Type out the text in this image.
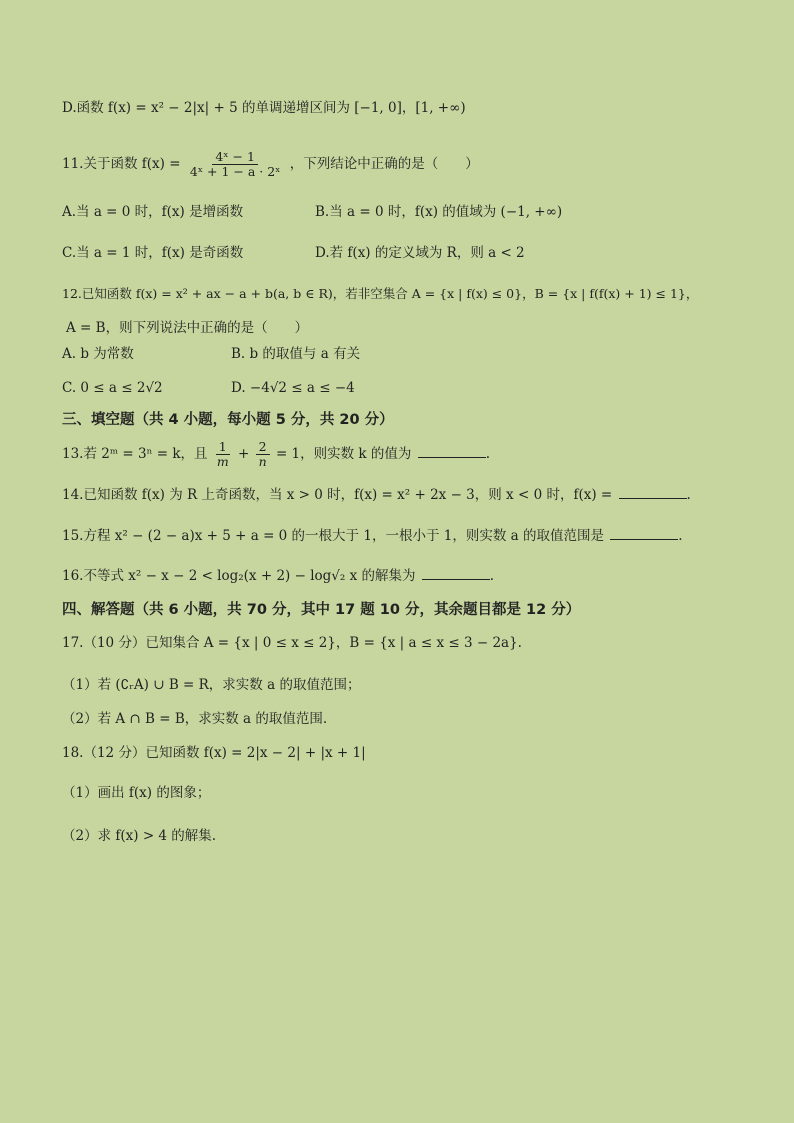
D.函数 f(x) = x² − 2|x| + 5 的单调递增区间为 [−1, 0]，[1, +∞)
11.关于函数 $f(x) = \frac{\text{4ˣ − 1}}{\text{4ˣ + 1 − a · 2ˣ}}$ ，下列结论中正确的是（　　）
A.当 a = 0 时，f(x) 是增函数	B.当 a = 0 时，f(x) 的值域为 (−1, +∞)
C.当 a = 1 时，f(x) 是奇函数	D.若 f(x) 的定义域为 R，则 a < 2
12.已知函数 f(x) = x² + ax − a + b(a, b ∈ R)，若非空集合 A = {x | f(x) ≤ 0}，B = {x | f(f(x) + 1) ≤ 1}，
A = B，则下列说法中正确的是（　　）
A. b 为常数	B. b 的取值与 a 有关
C. 0 ≤ a ≤ 2√2	D. −4√2 ≤ a ≤ −4
三、填空题（共 4 小题，每小题 5 分，共 20 分）
13.若 2ᵐ = 3ⁿ = k，且 $\frac{1}{m} + \frac{2}{n} = 1$，则实数 k 的值为	.
14.已知函数 f(x) 为 R 上奇函数，当 x > 0 时，f(x) = x² + 2x − 3，则 x < 0 时，f(x) =	.
15.方程 x² − (2 − a)x + 5 + a = 0 的一根大于 1，一根小于 1，则实数 a 的取值范围是	.
16.不等式 x² − x − 2 < log₂(x + 2) − log√₂ x 的解集为	.
四、解答题（共 6 小题，共 70 分，其中 17 题 10 分，其余题目都是 12 分）
17.（10 分）已知集合 A = {x | 0 ≤ x ≤ 2}，B = {x | a ≤ x ≤ 3 − 2a}.
（1）若 (∁ᵣA) ∪ B = R，求实数 a 的取值范围；
（2）若 A ∩ B = B，求实数 a 的取值范围.
18.（12 分）已知函数 f(x) = 2|x − 2| + |x + 1|
（1）画出 f(x) 的图象；
（2）求 f(x) > 4 的解集.
